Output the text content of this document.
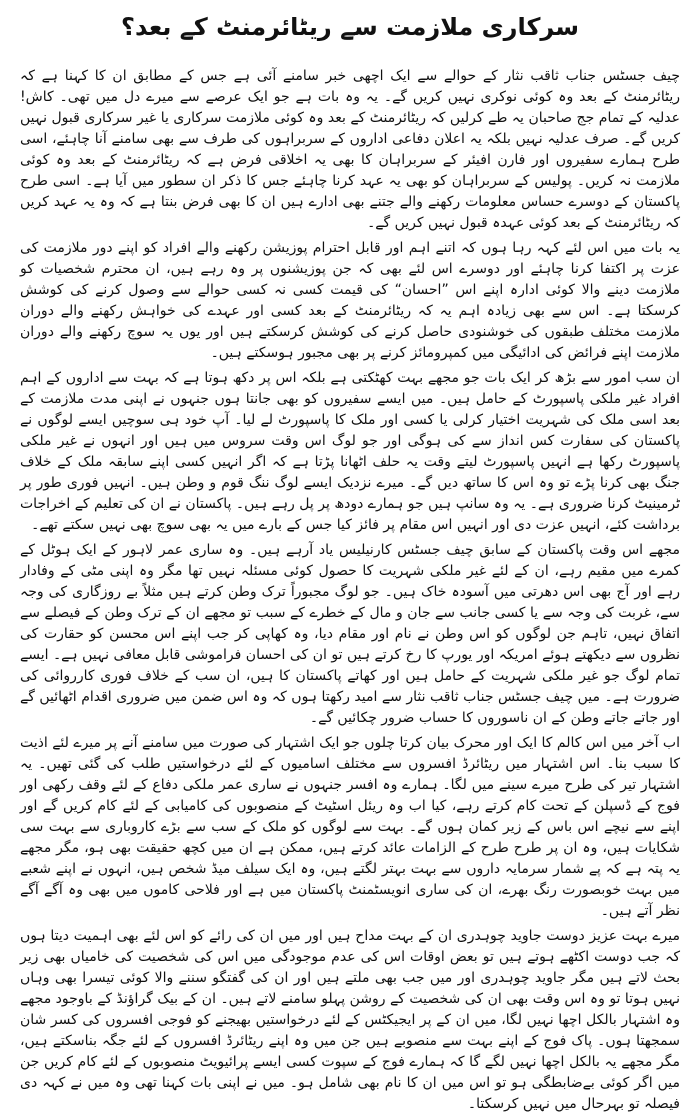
سرکاری ملازمت سے ریٹائرمنٹ کے بعد؟

چیف جسٹس جناب ثاقب نثار کے حوالے سے ایک اچھی خبر سامنے آئی ہے جس کے مطابق ان کا کہنا ہے کہ ریٹائرمنٹ کے بعد وہ کوئی نوکری نہیں کریں گے۔ یہ وہ بات ہے جو ایک عرصے سے میرے دل میں تھی۔ کاش! عدلیہ کے تمام جج صاحبان یہ طے کرلیں کہ ریٹائرمنٹ کے بعد وہ کوئی ملازمت سرکاری یا غیر سرکاری قبول نہیں کریں گے۔ صرف عدلیہ نہیں بلکہ یہ اعلان دفاعی اداروں کے سربراہوں کی طرف سے بھی سامنے آنا چاہئے، اسی طرح ہمارے سفیروں اور فارن افیئر کے سربراہان کا بھی یہ اخلاقی فرض ہے کہ ریٹائرمنٹ کے بعد وہ کوئی ملازمت نہ کریں۔ پولیس کے سربراہان کو بھی یہ عہد کرنا چاہئے جس کا ذکر ان سطور میں آیا ہے۔ اسی طرح پاکستان کے دوسرے حساس معلومات رکھنے والے جتنے بھی ادارے ہیں ان کا بھی فرض بنتا ہے کہ وہ یہ عہد کریں کہ ریٹائرمنٹ کے بعد کوئی عہدہ قبول نہیں کریں گے۔

یہ بات میں اس لئے کہہ رہا ہوں کہ اتنے اہم اور قابل احترام پوزیشن رکھنے والے افراد کو اپنے دور ملازمت کی عزت پر اکتفا کرنا چاہئے اور دوسرے اس لئے بھی کہ جن پوزیشنوں پر وہ رہے ہیں، ان محترم شخصیات کو ملازمت دینے والا کوئی ادارہ اپنے اس ”احسان“ کی قیمت کسی نہ کسی حوالے سے وصول کرنے کی کوشش کرسکتا ہے۔ اس سے بھی زیادہ اہم یہ کہ ریٹائرمنٹ کے بعد کسی اور عہدے کی خواہش رکھنے والے دوران ملازمت مختلف طبقوں کی خوشنودی حاصل کرنے کی کوشش کرسکتے ہیں اور یوں یہ سوچ رکھنے والے دوران ملازمت اپنے فرائض کی ادائیگی میں کمپرومائز کرنے پر بھی مجبور ہوسکتے ہیں۔

ان سب امور سے بڑھ کر ایک بات جو مجھے بہت کھٹکتی ہے بلکہ اس پر دکھ ہوتا ہے کہ بہت سے اداروں کے اہم افراد غیر ملکی پاسپورٹ کے حامل ہیں۔ میں ایسے سفیروں کو بھی جانتا ہوں جنہوں نے اپنی مدت ملازمت کے بعد اسی ملک کی شہریت اختیار کرلی یا کسی اور ملک کا پاسپورٹ لے لیا۔ آپ خود ہی سوچیں ایسے لوگوں نے پاکستان کی سفارت کس انداز سے کی ہوگی اور جو لوگ اس وقت سروس میں ہیں اور انہوں نے غیر ملکی پاسپورٹ رکھا ہے انہیں پاسپورٹ لیتے وقت یہ حلف اٹھانا پڑتا ہے کہ اگر انہیں کسی اپنے سابقہ ملک کے خلاف جنگ بھی کرنا پڑے تو وہ اس کا ساتھ دیں گے۔ میرے نزدیک ایسے لوگ ننگ قوم و وطن ہیں۔ انہیں فوری طور پر ٹرمینیٹ کرنا ضروری ہے۔ یہ وہ سانپ ہیں جو ہمارے دودھ پر پل رہے ہیں۔ پاکستان نے ان کی تعلیم کے اخراجات برداشت کئے، انہیں عزت دی اور انہیں اس مقام پر فائز کیا جس کے بارے میں یہ بھی سوچ بھی نہیں سکتے تھے۔

مجھے اس وقت پاکستان کے سابق چیف جسٹس کارنیلیس یاد آرہے ہیں۔ وہ ساری عمر لاہور کے ایک ہوٹل کے کمرے میں مقیم رہے، ان کے لئے غیر ملکی شہریت کا حصول کوئی مسئلہ نہیں تھا مگر وہ اپنی مٹی کے وفادار رہے اور آج بھی اس دھرتی میں آسودہ خاک ہیں۔ جو لوگ مجبوراً ترک وطن کرتے ہیں مثلاً بے روزگاری کی وجہ سے، غربت کی وجہ سے یا کسی جانب سے جان و مال کے خطرے کے سبب تو مجھے ان کے ترک وطن کے فیصلے سے اتفاق نہیں، تاہم جن لوگوں کو اس وطن نے نام اور مقام دیا، وہ کھاپی کر جب اپنے اس محسن کو حقارت کی نظروں سے دیکھتے ہوئے امریکہ اور یورپ کا رخ کرتے ہیں تو ان کی احسان فراموشی قابل معافی نہیں ہے۔ ایسے تمام لوگ جو غیر ملکی شہریت کے حامل ہیں اور کھاتے پاکستان کا ہیں، ان سب کے خلاف فوری کارروائی کی ضرورت ہے۔ میں چیف جسٹس جناب ثاقب نثار سے امید رکھتا ہوں کہ وہ اس ضمن میں ضروری اقدام اٹھائیں گے اور جاتے جاتے وطن کے ان ناسوروں کا حساب ضرور چکائیں گے۔

اب آخر میں اس کالم کا ایک اور محرک بیان کرتا چلوں جو ایک اشتہار کی صورت میں سامنے آنے پر میرے لئے اذیت کا سبب بنا۔ اس اشتہار میں ریٹائرڈ افسروں سے مختلف اسامیوں کے لئے درخواستیں طلب کی گئی تھیں۔ یہ اشتہار تیر کی طرح میرے سینے میں لگا۔ ہمارے وہ افسر جنہوں نے ساری عمر ملکی دفاع کے لئے وقف رکھی اور فوج کے ڈسپلن کے تحت کام کرتے رہے، کیا اب وہ ریئل اسٹیٹ کے منصوبوں کی کامیابی کے لئے کام کریں گے اور اپنے سے نیچے اس باس کے زیر کمان ہوں گے۔ بہت سے لوگوں کو ملک کے سب سے بڑے کاروباری سے بہت سی شکایات ہیں، وہ ان پر طرح طرح کے الزامات عائد کرتے ہیں، ممکن ہے ان میں کچھ حقیقت بھی ہو، مگر مجھے یہ پتہ ہے کہ پے شمار سرمایہ داروں سے بہت بہتر لگتے ہیں، وہ ایک سیلف میڈ شخص ہیں، انہوں نے اپنے شعبے میں بہت خوبصورت رنگ بھرے، ان کی ساری انویسٹمنٹ پاکستان میں ہے اور فلاحی کاموں میں بھی وہ آگے آگے نظر آتے ہیں۔

میرے بہت عزیز دوست جاوید چوہدری ان کے بہت مداح ہیں اور میں ان کی رائے کو اس لئے بھی اہمیت دیتا ہوں کہ جب دوست اکٹھے ہوتے ہیں تو بعض اوقات اس کی عدم موجودگی میں اس کی شخصیت کی خامیاں بھی زیر بحث لاتے ہیں مگر جاوید چوہدری اور میں جب بھی ملتے ہیں اور ان کی گفتگو سننے والا کوئی تیسرا بھی وہاں نہیں ہوتا تو وہ اس وقت بھی ان کی شخصیت کے روشن پہلو سامنے لاتے ہیں۔ ان کے بیک گراؤنڈ کے باوجود مجھے وہ اشتہار بالکل اچھا نہیں لگا، میں ان کے پر ایجیکٹس کے لئے درخواستیں بھیجنے کو فوجی افسروں کی کسر شان سمجھتا ہوں۔ پاک فوج کے اپنے بہت سے منصوبے ہیں جن میں وہ اپنے ریٹائرڈ افسروں کے لئے جگہ بناسکتے ہیں، مگر مجھے یہ بالکل اچھا نہیں لگے گا کہ ہمارے فوج کے سپوت کسی ایسے پرائیویٹ منصوبوں کے لئے کام کریں جن میں اگر کوئی بےضابطگی ہو تو اس میں ان کا نام بھی شامل ہو۔ میں نے اپنی بات کہنا تھی وہ میں نے کہہ دی فیصلہ تو بہرحال میں نہیں کرسکتا۔
